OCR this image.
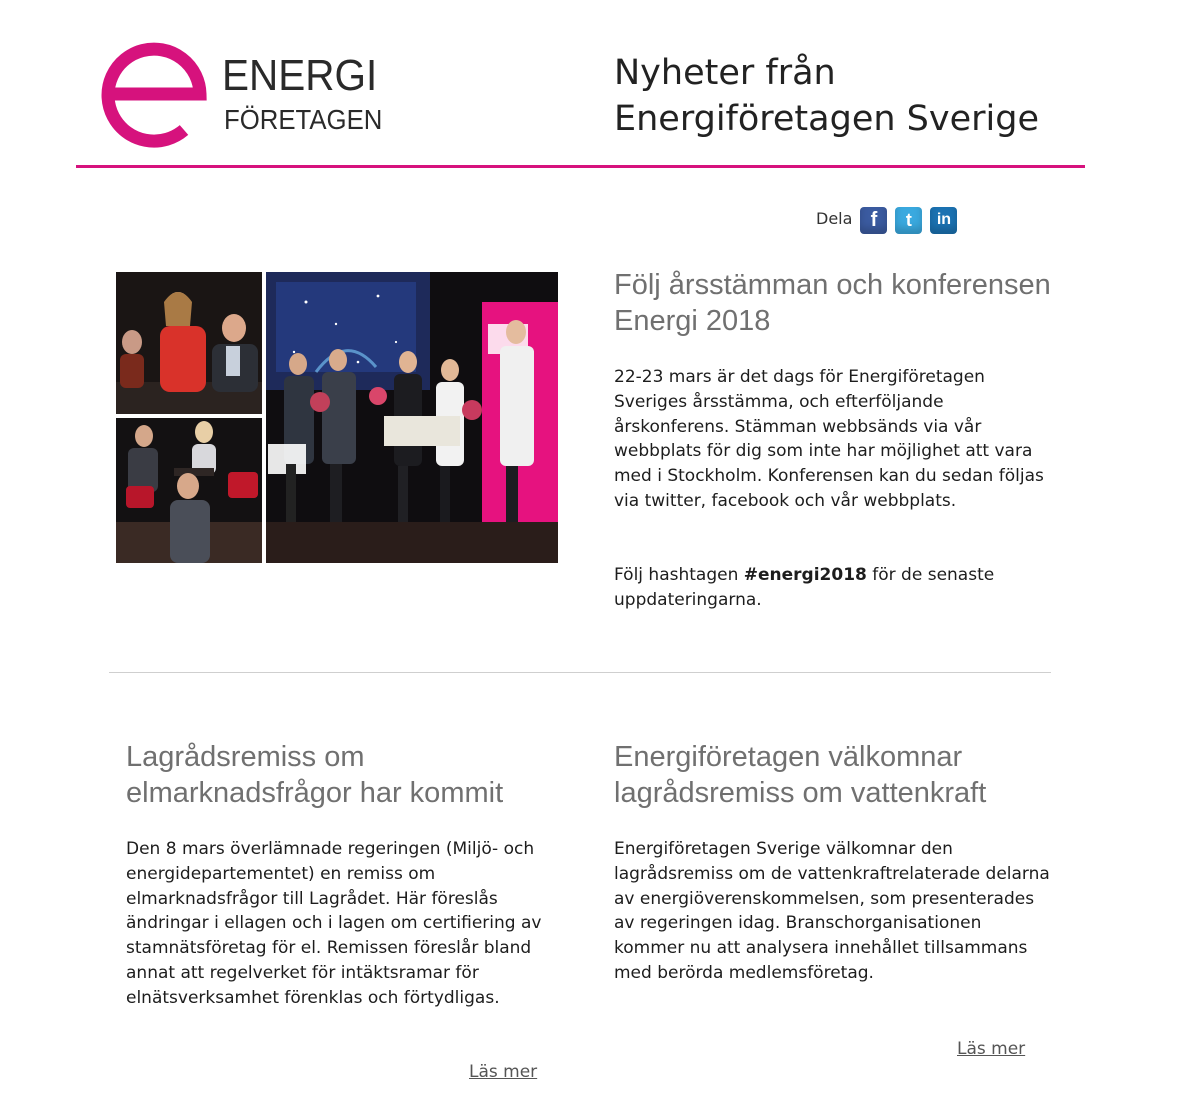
ENERGI
FÖRETAGEN
Nyheter från
Energiföretagen Sverige
Dela f	t	in
Följ årsstämman och konferensen Energi 2018
22-23 mars är det dags för Energiföretagen Sveriges årsstämma, och efterföljande årskonferens. Stämman webbsänds via vår webbplats för dig som inte har möjlighet att vara med i Stockholm. Konferensen kan du sedan följas via twitter, facebook och vår webbplats.
Följ hashtagen #energi2018 för de senaste uppdateringarna.
Lagrådsremiss om elmarknadsfrågor har kommit
Den 8 mars överlämnade regeringen (Miljö- och energidepartementet) en remiss om elmarknadsfrågor till Lagrådet. Här föreslås ändringar i ellagen och i lagen om certifiering av stamnätsföretag för el. Remissen föreslår bland annat att regelverket för intäktsramar för elnätsverksamhet förenklas och förtydligas.
Läs mer
Energiföretagen välkomnar lagrådsremiss om vattenkraft
Energiföretagen Sverige välkomnar den lagrådsremiss om de vattenkraftrelaterade delarna av energiöverenskommelsen, som presenterades av regeringen idag. Branschorganisationen kommer nu att analysera innehållet tillsammans med berörda medlemsföretag.
Läs mer
